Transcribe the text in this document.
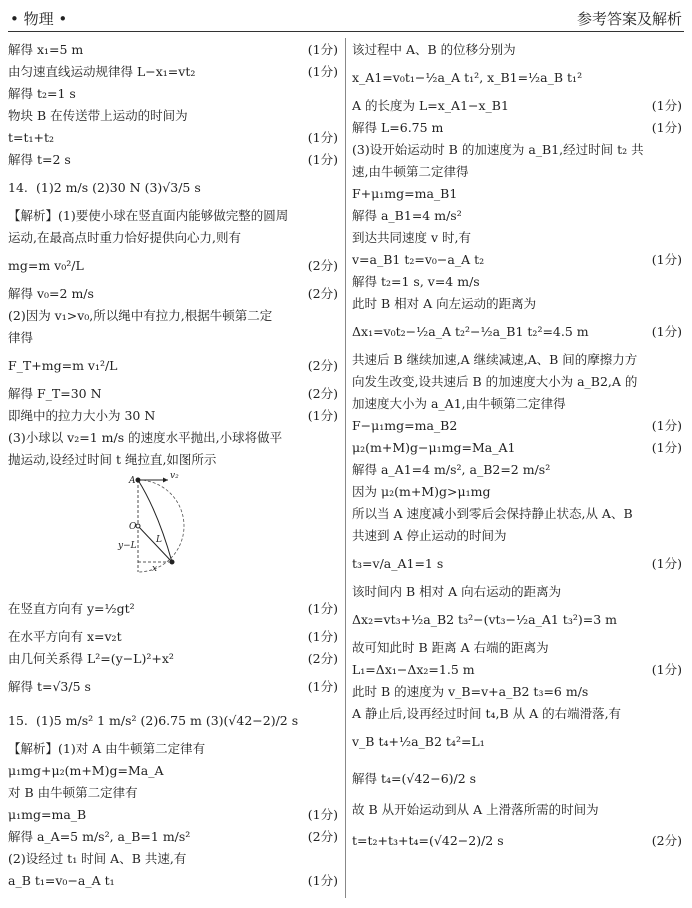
• 物理 •	参考答案及解析
解得 x₁=5 m	(1分)
由匀速直线运动规律得 L−x₁=vt₂	(1分)
解得 t₂=1 s
物块 B 在传送带上运动的时间为
t=t₁+t₂	(1分)
解得 t=2 s	(1分)
14. (1)2 m/s (2)30 N (3)√3/5 s
【解析】(1)要使小球在竖直面内能够做完整的圆周
运动,在最高点时重力恰好提供向心力,则有
mg=m v₀²/L	(2分)
解得 v₀=2 m/s	(2分)
(2)因为 v₁>v₀,所以绳中有拉力,根据牛顿第二定
律得
F_T+mg=m v₁²/L	(2分)
解得 F_T=30 N	(2分)
即绳中的拉力大小为 30 N	(1分)
(3)小球以 v₂=1 m/s 的速度水平抛出,小球将做平
抛运动,设经过时间 t 绳拉直,如图所示
A	v₂
O
L
y−L
x
在竖直方向有 y=½gt²	(1分)
在水平方向有 x=v₂t	(1分)
由几何关系得 L²=(y−L)²+x²	(2分)
解得 t=√3/5 s	(1分)
15. (1)5 m/s² 1 m/s² (2)6.75 m (3)(√42−2)/2 s
【解析】(1)对 A 由牛顿第二定律有
μ₁mg+μ₂(m+M)g=Ma_A
对 B 由牛顿第二定律有
μ₁mg=ma_B	(1分)
解得 a_A=5 m/s², a_B=1 m/s²	(2分)
(2)设经过 t₁ 时间 A、B 共速,有
a_B t₁=v₀−a_A t₁	(1分)
该过程中 A、B 的位移分别为
x_A1=v₀t₁−½a_A t₁², x_B1=½a_B t₁²
A 的长度为 L=x_A1−x_B1	(1分)
解得 L=6.75 m	(1分)
(3)设开始运动时 B 的加速度为 a_B1,经过时间 t₂ 共
速,由牛顿第二定律得
F+μ₁mg=ma_B1
解得 a_B1=4 m/s²
到达共同速度 v 时,有
v=a_B1 t₂=v₀−a_A t₂	(1分)
解得 t₂=1 s, v=4 m/s
此时 B 相对 A 向左运动的距离为
Δx₁=v₀t₂−½a_A t₂²−½a_B1 t₂²=4.5 m	(1分)
共速后 B 继续加速,A 继续减速,A、B 间的摩擦力方
向发生改变,设共速后 B 的加速度大小为 a_B2,A 的
加速度大小为 a_A1,由牛顿第二定律得
F−μ₁mg=ma_B2	(1分)
μ₂(m+M)g−μ₁mg=Ma_A1	(1分)
解得 a_A1=4 m/s², a_B2=2 m/s²
因为 μ₂(m+M)g>μ₁mg
所以当 A 速度减小到零后会保持静止状态,从 A、B
共速到 A 停止运动的时间为
t₃=v/a_A1=1 s	(1分)
该时间内 B 相对 A 向右运动的距离为
Δx₂=vt₃+½a_B2 t₃²−(vt₃−½a_A1 t₃²)=3 m
故可知此时 B 距离 A 右端的距离为
L₁=Δx₁−Δx₂=1.5 m	(1分)
此时 B 的速度为 v_B=v+a_B2 t₃=6 m/s
A 静止后,设再经过时间 t₄,B 从 A 的右端滑落,有
v_B t₄+½a_B2 t₄²=L₁
解得 t₄=(√42−6)/2 s
故 B 从开始运动到从 A 上滑落所需的时间为
t=t₂+t₃+t₄=(√42−2)/2 s	(2分)
